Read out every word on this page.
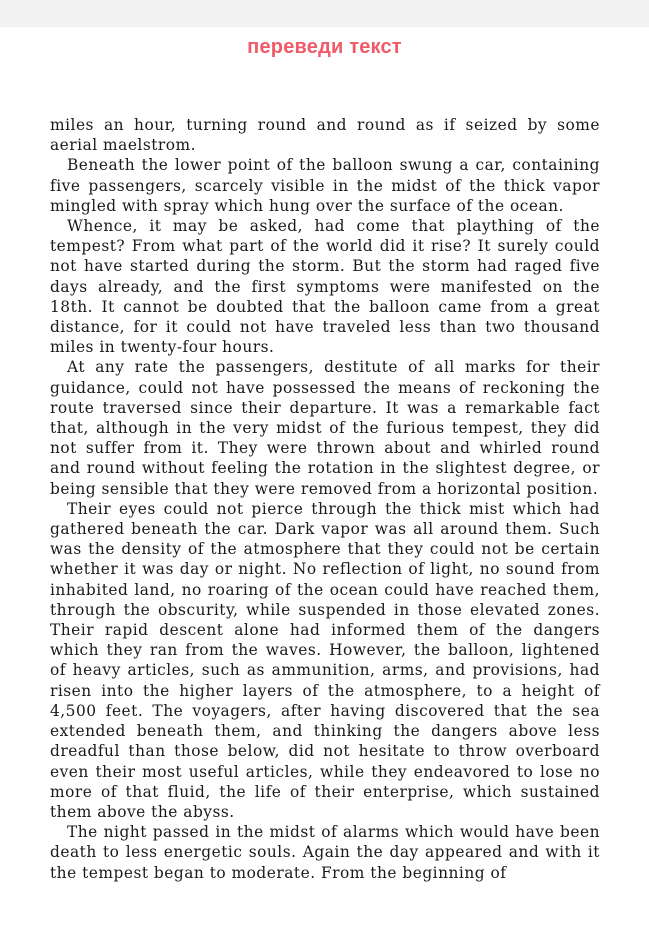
переведи текст

miles an hour, turning round and round as if seized by some aerial maelstrom.

Beneath the lower point of the balloon swung a car, containing five passengers, scarcely visible in the midst of the thick vapor mingled with spray which hung over the surface of the ocean.

Whence, it may be asked, had come that plaything of the tempest? From what part of the world did it rise? It surely could not have started during the storm. But the storm had raged five days already, and the first symptoms were manifested on the 18th. It cannot be doubted that the balloon came from a great distance, for it could not have traveled less than two thousand miles in twenty-four hours.

At any rate the passengers, destitute of all marks for their guidance, could not have possessed the means of reckoning the route traversed since their departure. It was a remarkable fact that, although in the very midst of the furious tempest, they did not suffer from it. They were thrown about and whirled round and round without feeling the rotation in the slightest degree, or being sensible that they were removed from a horizontal position.

Their eyes could not pierce through the thick mist which had gathered beneath the car. Dark vapor was all around them. Such was the density of the atmosphere that they could not be certain whether it was day or night. No reflection of light, no sound from inhabited land, no roaring of the ocean could have reached them, through the obscurity, while suspended in those elevated zones. Their rapid descent alone had informed them of the dangers which they ran from the waves. However, the balloon, lightened of heavy articles, such as ammunition, arms, and provisions, had risen into the higher layers of the atmosphere, to a height of 4,500 feet. The voyagers, after having discovered that the sea extended beneath them, and thinking the dangers above less dreadful than those below, did not hesitate to throw overboard even their most useful articles, while they endeavored to lose no more of that fluid, the life of their enterprise, which sustained them above the abyss.

The night passed in the midst of alarms which would have been death to less energetic souls. Again the day appeared and with it the tempest began to moderate. From the beginning of
